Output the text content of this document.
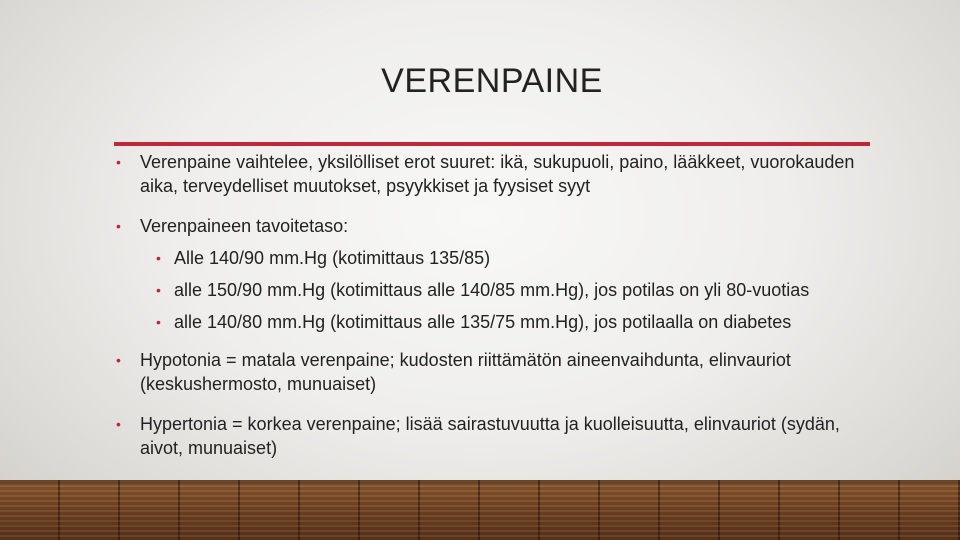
VERENPAINE
• Verenpaine vaihtelee, yksilölliset erot suuret: ikä, sukupuoli, paino, lääkkeet, vuorokauden aika, terveydelliset muutokset, psyykkiset ja fyysiset syyt
• Verenpaineen tavoitetaso:
• Alle 140/90 mm.Hg (kotimittaus 135/85)
• alle 150/90 mm.Hg (kotimittaus alle 140/85 mm.Hg), jos potilas on yli 80-vuotias
• alle 140/80 mm.Hg (kotimittaus alle 135/75 mm.Hg), jos potilaalla on diabetes
• Hypotonia = matala verenpaine; kudosten riittämätön aineenvaihdunta, elinvauriot (keskushermosto, munuaiset)
• Hypertonia = korkea verenpaine; lisää sairastuvuutta ja kuolleisuutta, elinvauriot (sydän, aivot, munuaiset)
